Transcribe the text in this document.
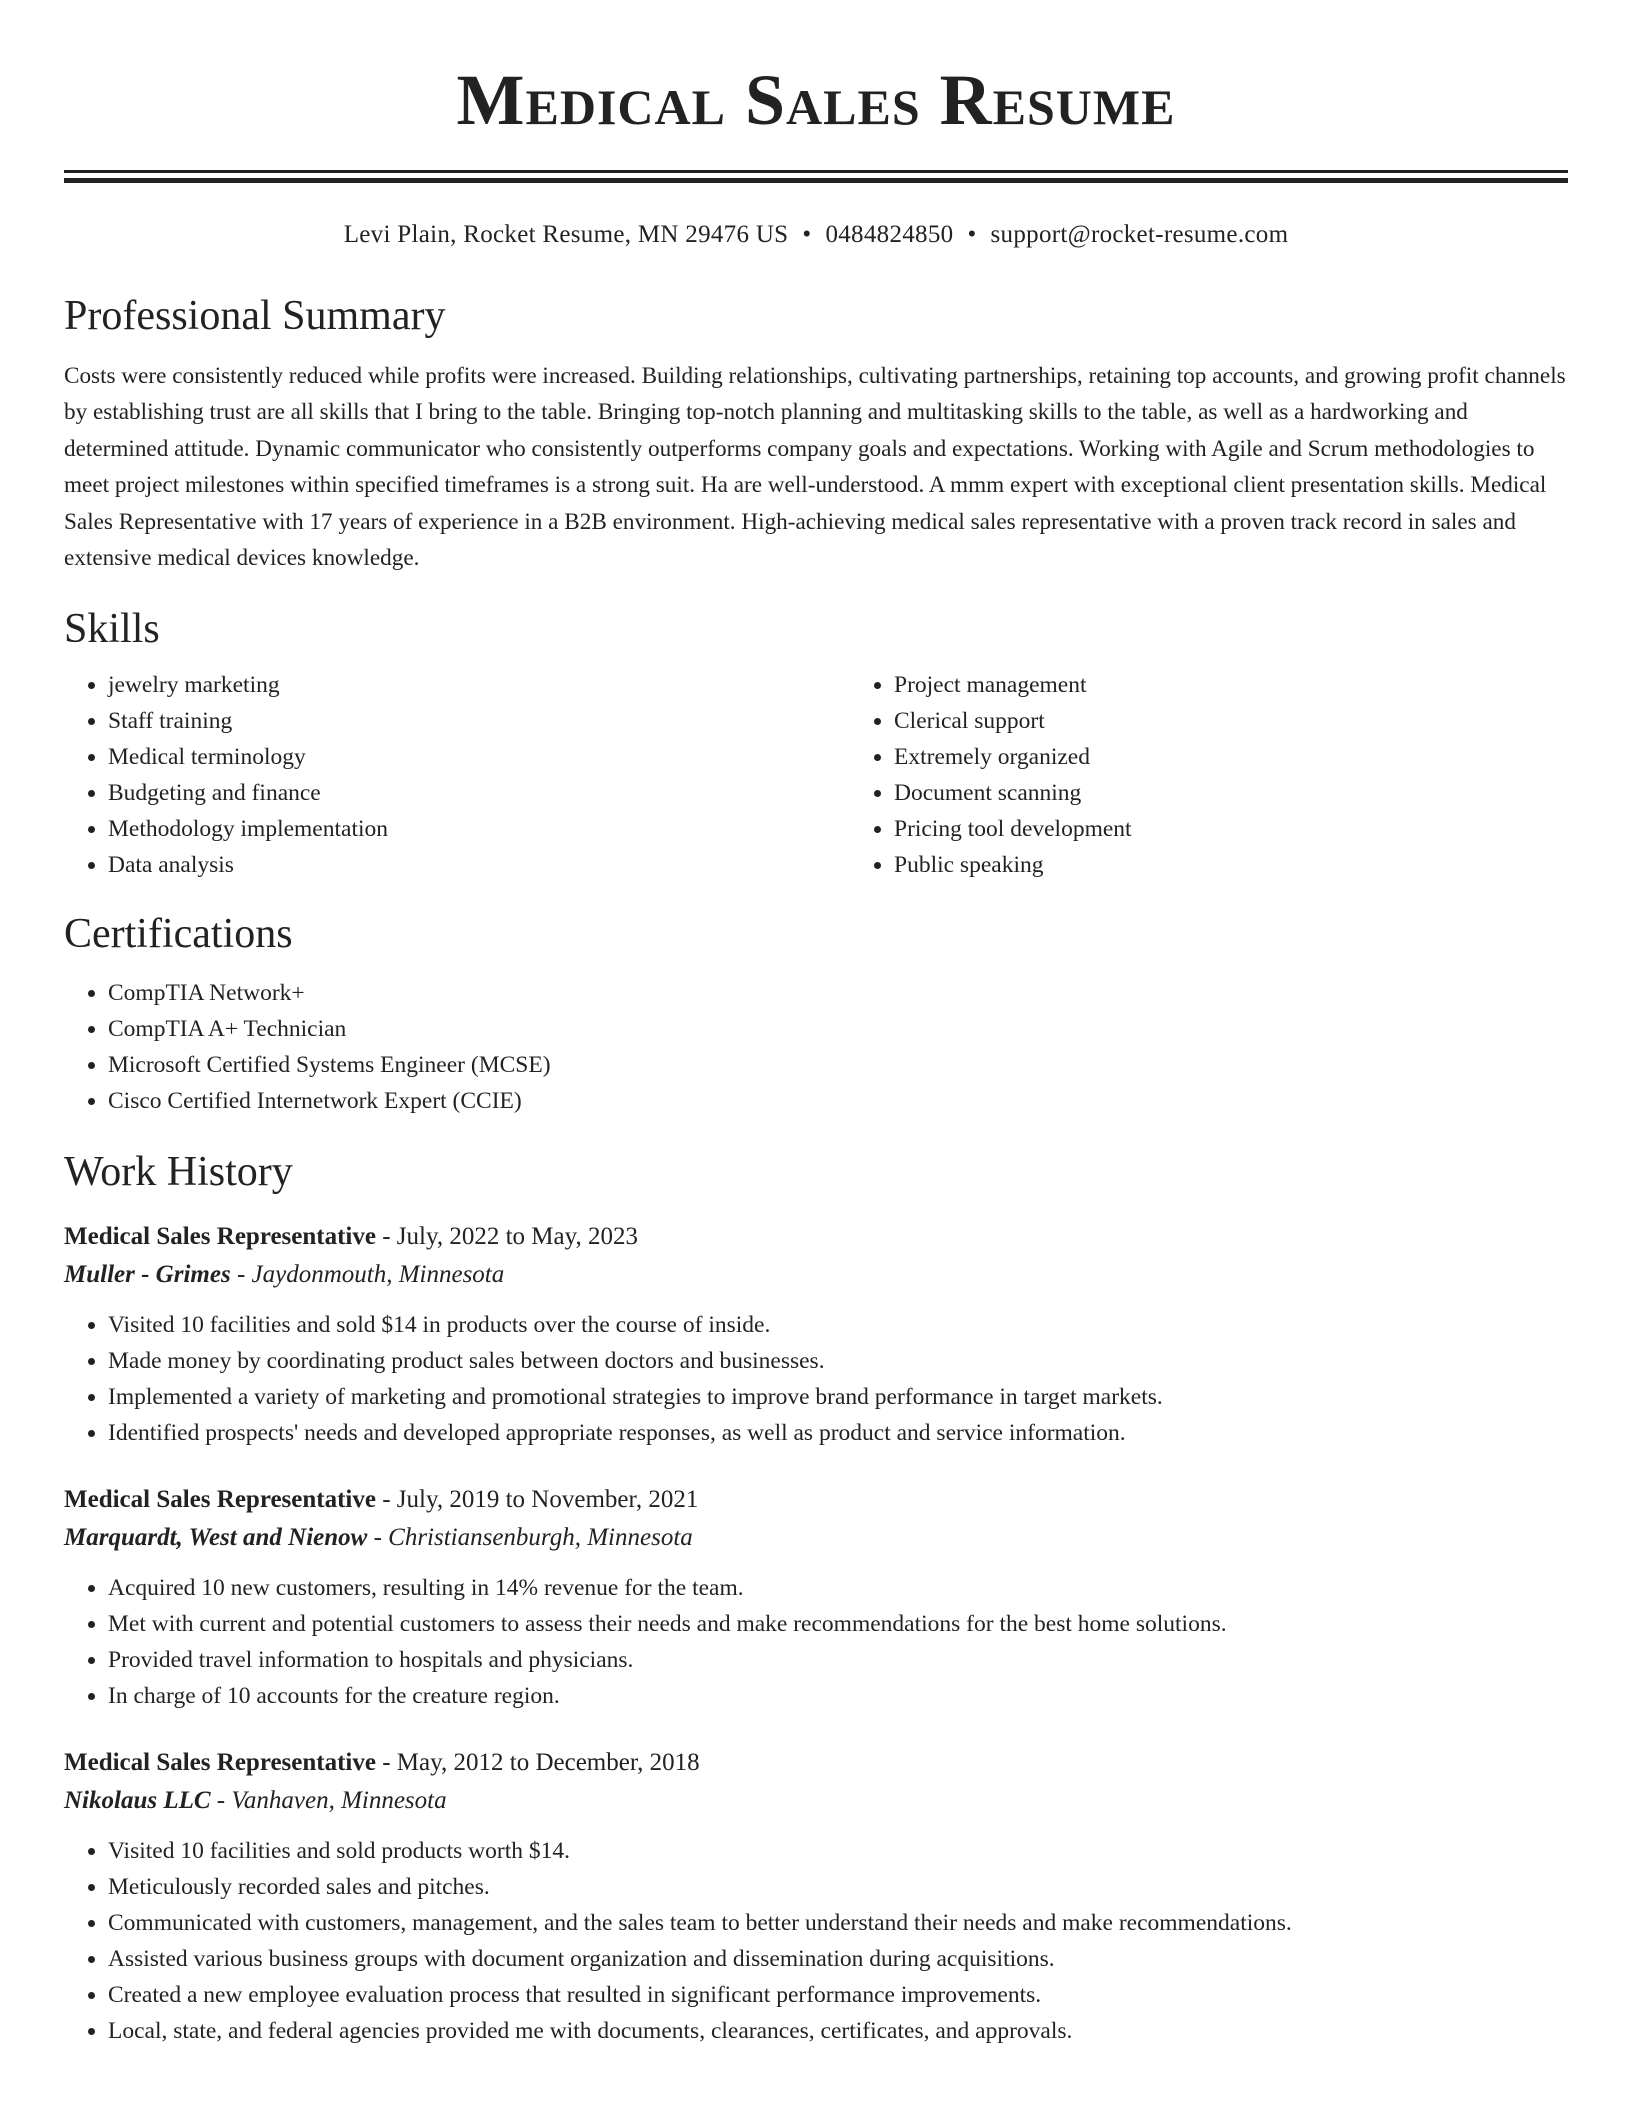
Medical Sales Resume
Levi Plain, Rocket Resume, MN 29476 US • 0484824850 • support@rocket-resume.com
Professional Summary
Costs were consistently reduced while profits were increased. Building relationships, cultivating partnerships, retaining top accounts, and growing profit channels by establishing trust are all skills that I bring to the table. Bringing top-notch planning and multitasking skills to the table, as well as a hardworking and determined attitude. Dynamic communicator who consistently outperforms company goals and expectations. Working with Agile and Scrum methodologies to meet project milestones within specified timeframes is a strong suit. Ha are well-understood. A mmm expert with exceptional client presentation skills. Medical Sales Representative with 17 years of experience in a B2B environment. High-achieving medical sales representative with a proven track record in sales and extensive medical devices knowledge.
Skills
• jewelry marketing
• Staff training
• Medical terminology
• Budgeting and finance
• Methodology implementation
• Data analysis
• Project management
• Clerical support
• Extremely organized
• Document scanning
• Pricing tool development
• Public speaking
Certifications
• CompTIA Network+
• CompTIA A+ Technician
• Microsoft Certified Systems Engineer (MCSE)
• Cisco Certified Internetwork Expert (CCIE)
Work History
Medical Sales Representative - July, 2022 to May, 2023
Muller - Grimes - Jaydonmouth, Minnesota
• Visited 10 facilities and sold $14 in products over the course of inside.
• Made money by coordinating product sales between doctors and businesses.
• Implemented a variety of marketing and promotional strategies to improve brand performance in target markets.
• Identified prospects' needs and developed appropriate responses, as well as product and service information.
Medical Sales Representative - July, 2019 to November, 2021
Marquardt, West and Nienow - Christiansenburgh, Minnesota
• Acquired 10 new customers, resulting in 14% revenue for the team.
• Met with current and potential customers to assess their needs and make recommendations for the best home solutions.
• Provided travel information to hospitals and physicians.
• In charge of 10 accounts for the creature region.
Medical Sales Representative - May, 2012 to December, 2018
Nikolaus LLC - Vanhaven, Minnesota
• Visited 10 facilities and sold products worth $14.
• Meticulously recorded sales and pitches.
• Communicated with customers, management, and the sales team to better understand their needs and make recommendations.
• Assisted various business groups with document organization and dissemination during acquisitions.
• Created a new employee evaluation process that resulted in significant performance improvements.
• Local, state, and federal agencies provided me with documents, clearances, certificates, and approvals.
